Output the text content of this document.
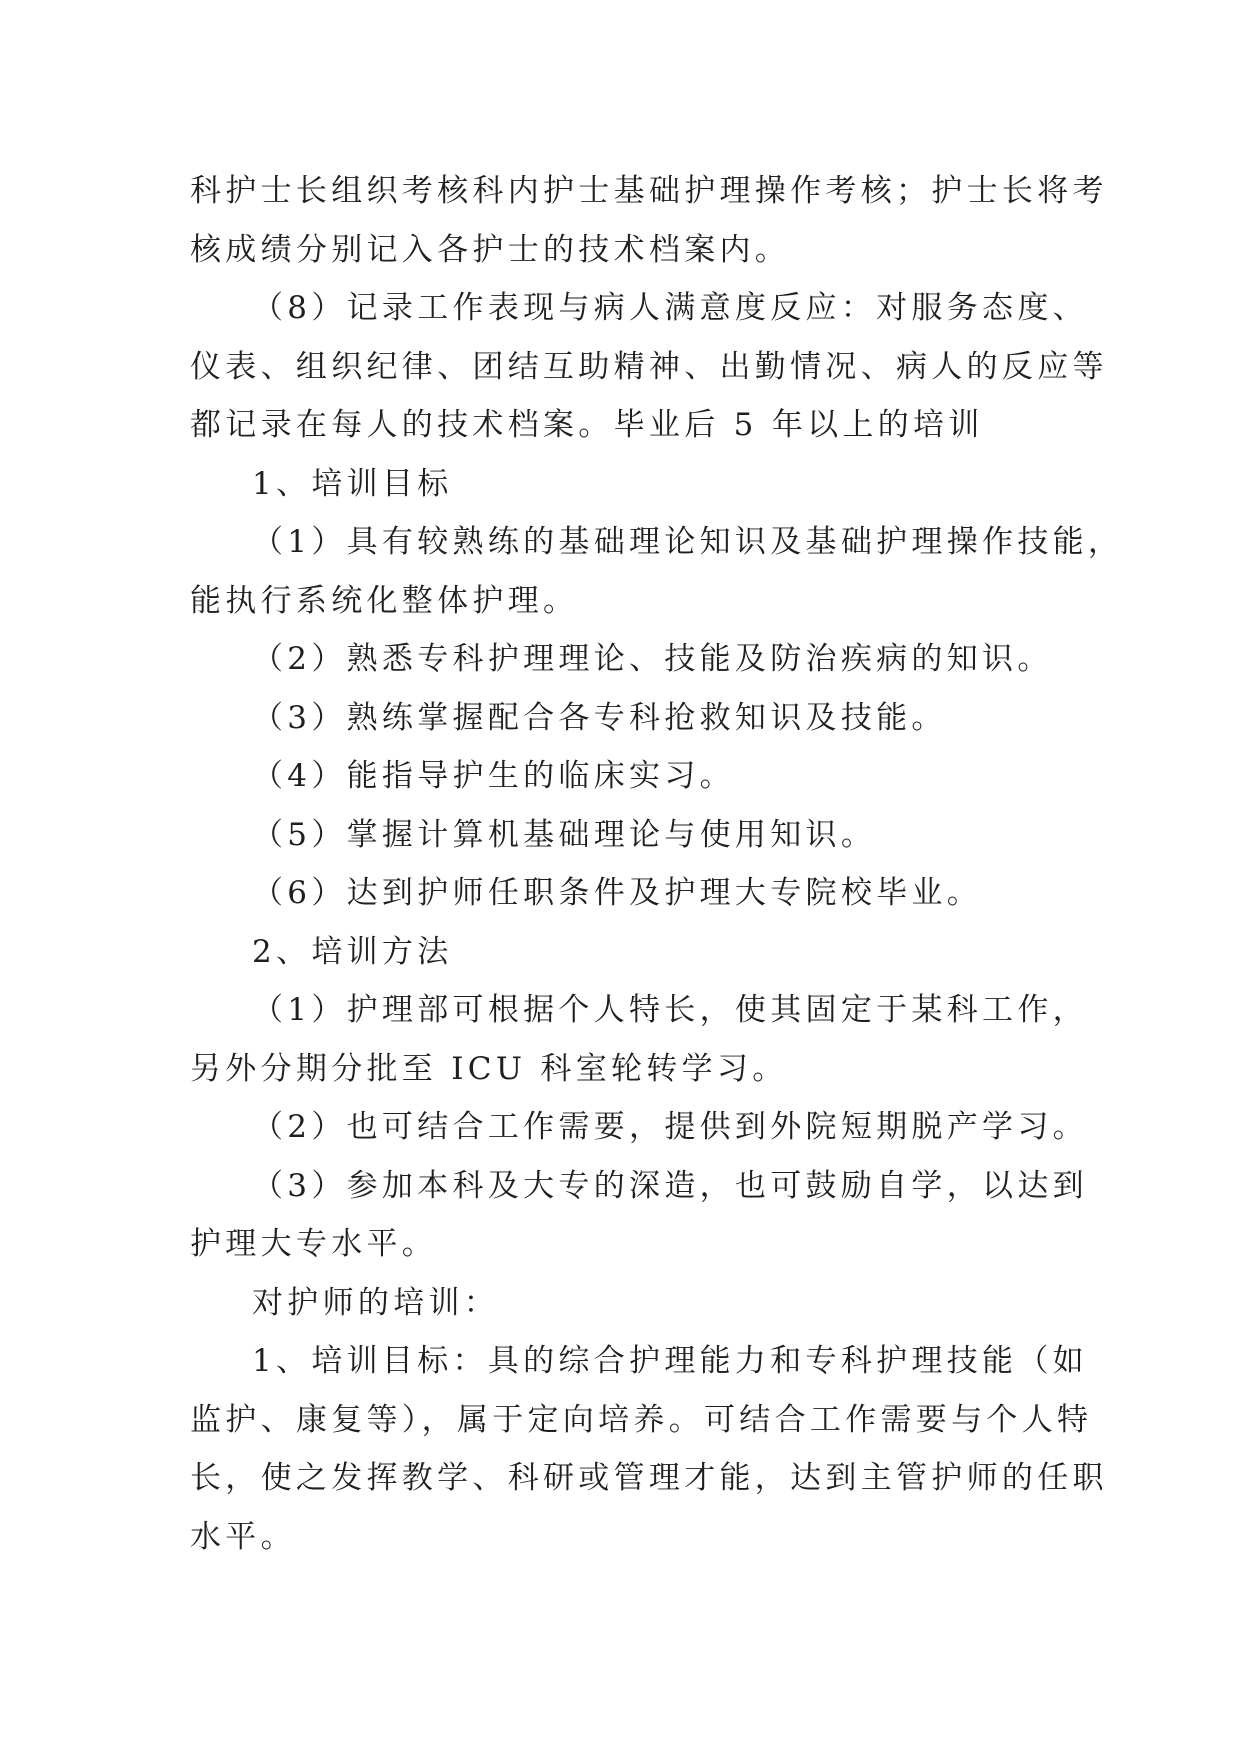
科护士长组织考核科内护士基础护理操作考核；护士长将考
核成绩分别记入各护士的技术档案内。
（8）记录工作表现与病人满意度反应：对服务态度、
仪表、组织纪律、团结互助精神、出勤情况、病人的反应等
都记录在每人的技术档案。毕业后 5 年以上的培训
1、培训目标
（1）具有较熟练的基础理论知识及基础护理操作技能，
能执行系统化整体护理。
（2）熟悉专科护理理论、技能及防治疾病的知识。
（3）熟练掌握配合各专科抢救知识及技能。
（4）能指导护生的临床实习。
（5）掌握计算机基础理论与使用知识。
（6）达到护师任职条件及护理大专院校毕业。
2、培训方法
（1）护理部可根据个人特长，使其固定于某科工作，
另外分期分批至 ICU 科室轮转学习。
（2）也可结合工作需要，提供到外院短期脱产学习。
（3）参加本科及大专的深造，也可鼓励自学，以达到
护理大专水平。
对护师的培训：
1、培训目标：具的综合护理能力和专科护理技能（如
监护、康复等），属于定向培养。可结合工作需要与个人特
长，使之发挥教学、科研或管理才能，达到主管护师的任职
水平。
